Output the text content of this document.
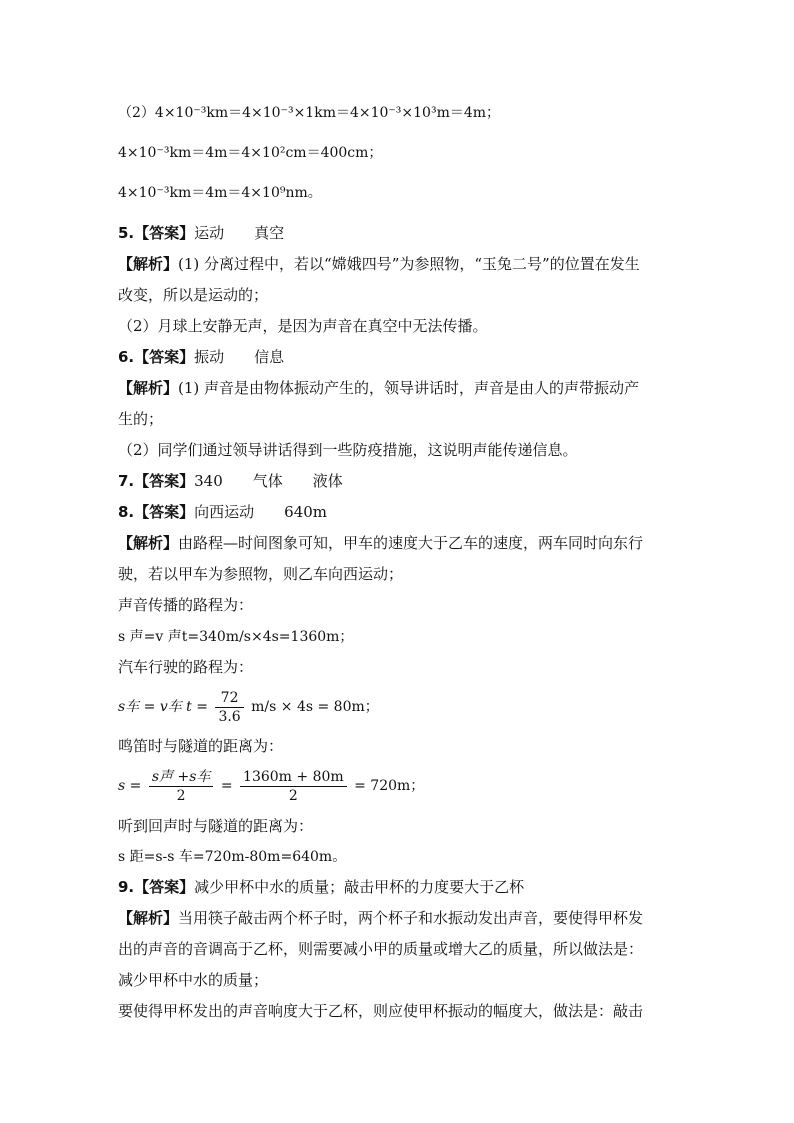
（2）4×10⁻³km＝4×10⁻³×1km＝4×10⁻³×10³m＝4m；
4×10⁻³km＝4m＝4×10²cm＝400cm；
4×10⁻³km＝4m＝4×10⁹nm。
5.【答案】运动 真空
【解析】(1) 分离过程中，若以“嫦娥四号”为参照物，“玉兔二号”的位置在发生
改变，所以是运动的；
（2）月球上安静无声，是因为声音在真空中无法传播。
6.【答案】振动 信息
【解析】(1) 声音是由物体振动产生的，领导讲话时，声音是由人的声带振动产
生的；
（2）同学们通过领导讲话得到一些防疫措施，这说明声能传递信息。
7.【答案】340 气体 液体
8.【答案】向西运动 640m
【解析】由路程—时间图象可知，甲车的速度大于乙车的速度，两车同时向东行
驶，若以甲车为参照物，则乙车向西运动；
声音传播的路程为：
s 声=v 声t=340m/s×4s=1360m；
汽车行驶的路程为：
s车 = v车 $t = \frac{72}{3.6} m/s \times 4s = 80m$；
鸣笛时与隧道的距离为：
$s = \frac{\text{s声 +s车}}{2} = \frac{1360m + 80m}{2} = 720m$；
听到回声时与隧道的距离为：
s 距=s-s 车=720m-80m=640m。
9.【答案】减少甲杯中水的质量；敲击甲杯的力度要大于乙杯
【解析】当用筷子敲击两个杯子时，两个杯子和水振动发出声音，要使得甲杯发
出的声音的音调高于乙杯，则需要减小甲的质量或增大乙的质量，所以做法是：
减少甲杯中水的质量；
要使得甲杯发出的声音响度大于乙杯，则应使甲杯振动的幅度大，做法是：敲击
